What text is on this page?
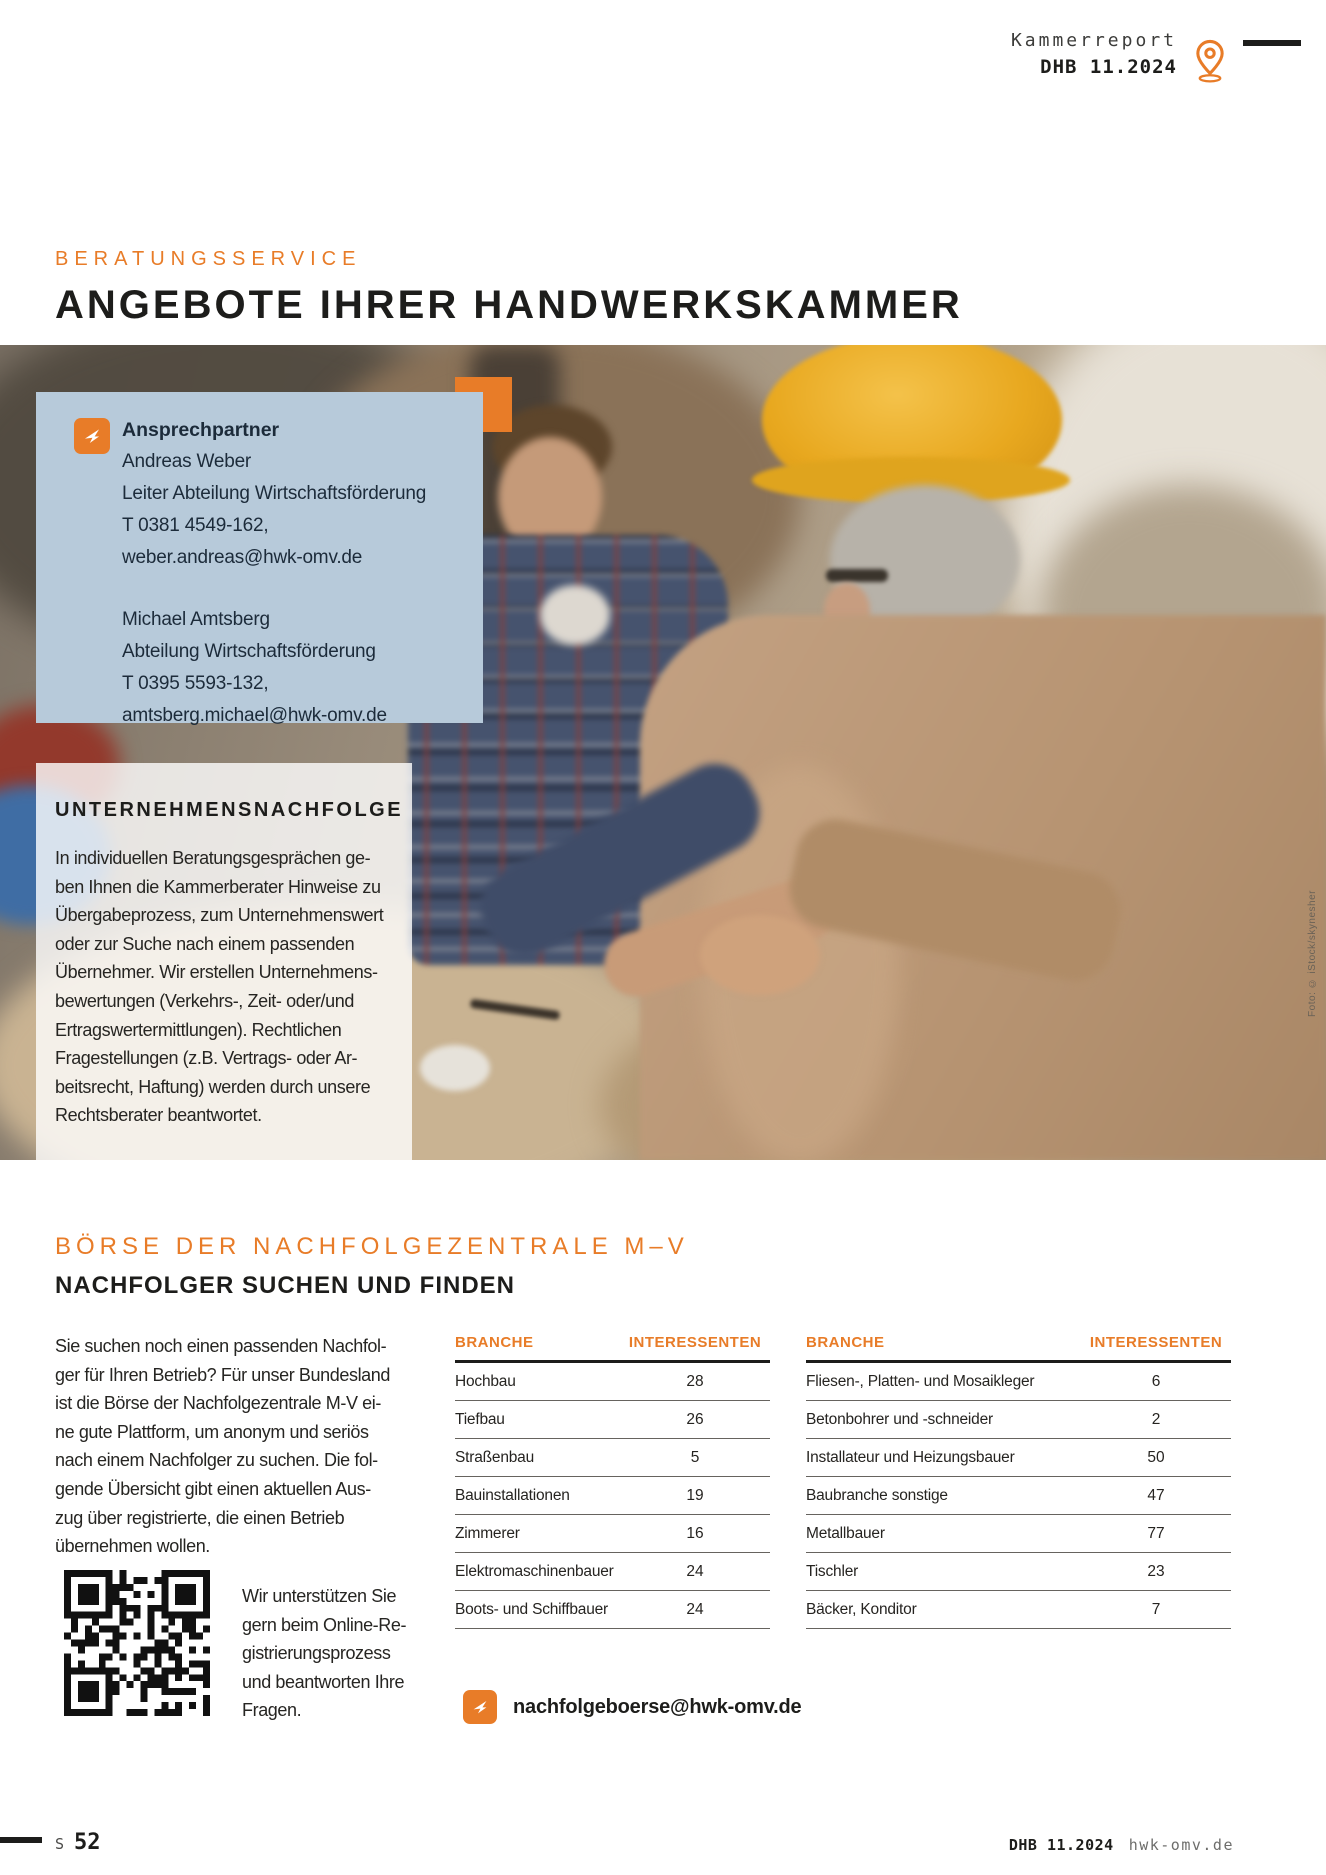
Kammerreport
DHB 11.2024
BERATUNGSSERVICE
ANGEBOTE IHRER HANDWERKSKAMMER
Foto: © iStock/skynesher
Ansprechpartner
Andreas Weber
Leiter Abteilung Wirtschaftsförderung
T 0381 4549-162,
weber.andreas@hwk-omv.de
Michael Amtsberg
Abteilung Wirtschaftsförderung
T 0395 5593-132,
amtsberg.michael@hwk-omv.de
UNTERNEHMENSNACHFOLGE
In individuellen Beratungsgesprächen ge-
ben Ihnen die Kammerberater Hinweise zu
Übergabeprozess, zum Unternehmenswert
oder zur Suche nach einem passenden
Übernehmer. Wir erstellen Unternehmens-
bewertungen (Verkehrs-, Zeit- oder/und
Ertragswertermittlungen). Rechtlichen
Fragestellungen (z.B. Vertrags- oder Ar-
beitsrecht, Haftung) werden durch unsere
Rechtsberater beantwortet.
BÖRSE DER NACHFOLGEZENTRALE M–V
NACHFOLGER SUCHEN UND FINDEN
Sie suchen noch einen passenden Nachfol-
ger für Ihren Betrieb? Für unser Bundesland
ist die Börse der Nachfolgezentrale M-V ei-
ne gute Plattform, um anonym und seriös
nach einem Nachfolger zu suchen. Die fol-
gende Übersicht gibt einen aktuellen Aus-
zug über registrierte, die einen Betrieb
übernehmen wollen.
Wir unterstützen Sie
gern beim Online-Re-
gistrierungsprozess
und beantworten Ihre
Fragen.
BRANCHE	INTERESSENTEN
Hochbau	28
Tiefbau	26
Straßenbau	5
Bauinstallationen	19
Zimmerer	16
Elektromaschinenbauer	24
Boots- und Schiffbauer	24
BRANCHE	INTERESSENTEN
Fliesen-, Platten- und Mosaikleger	6
Betonbohrer und -schneider	2
Installateur und Heizungsbauer	50
Baubranche sonstige	47
Metallbauer	77
Tischler	23
Bäcker, Konditor	7
nachfolgeboerse@hwk-omv.de
S 52	DHB 11.2024 hwk-omv.de
